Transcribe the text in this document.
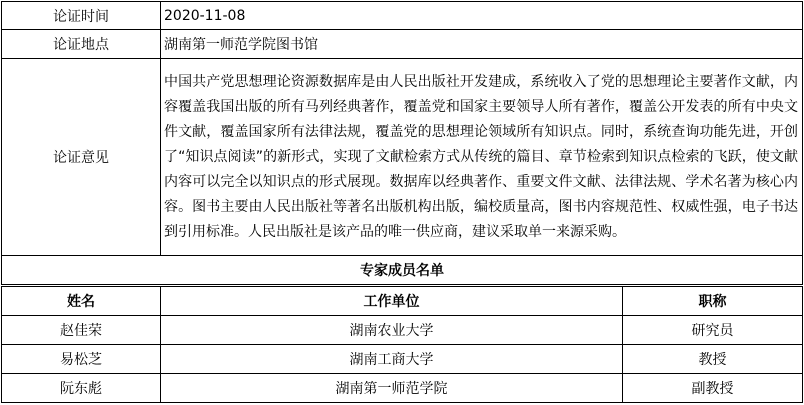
论证时间	2020-11-08
论证地点	湖南第一师范学院图书馆
论证意见	中国共产党思想理论资源数据库是由人民出版社开发建成，系统收入了党的思想理论主要著作文献，内容覆盖我国出版的所有马列经典著作，覆盖党和国家主要领导人所有著作，覆盖公开发表的所有中央文件文献，覆盖国家所有法律法规，覆盖党的思想理论领域所有知识点。同时，系统查询功能先进，开创了“知识点阅读”的新形式，实现了文献检索方式从传统的篇目、章节检索到知识点检索的飞跃，使文献内容可以完全以知识点的形式展现。数据库以经典著作、重要文件文献、法律法规、学术名著为核心内容。图书主要由人民出版社等著名出版机构出版，编校质量高，图书内容规范性、权威性强，电子书达到引用标准。人民出版社是该产品的唯一供应商，建议采取单一来源采购。
专家成员名单	
姓名	工作单位	职称
赵佳荣	湖南农业大学	研究员
易松芝	湖南工商大学	教授
阮东彪	湖南第一师范学院	副教授
